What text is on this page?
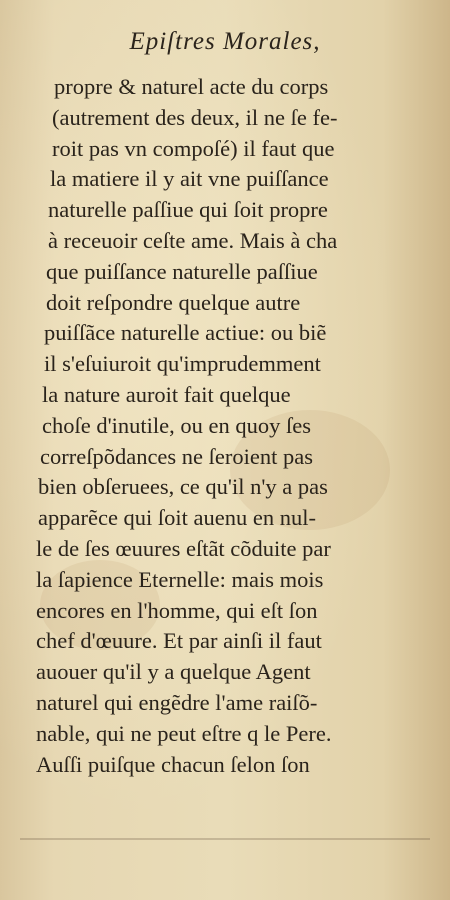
Epiſtres Morales,
propre & naturel acte du corps
(autrement des deux, il ne ſe fe-
roit pas vn compoſé) il faut que
la matiere il y ait vne puiſſance
naturelle paſſiue qui ſoit propre
à receuoir ceſte ame. Mais à cha
que puiſſance naturelle paſſiue
doit reſpondre quelque autre
puiſſãce naturelle actiue: ou biẽ
il s'eſuiuroit qu'imprudemment
la nature auroit fait quelque
choſe d'inutile, ou en quoy ſes
correſpõdances ne ſeroient pas
bien obſeruees, ce qu'il n'y a pas
apparẽce qui ſoit auenu en nul-
le de ſes œuures eſtãt cõduite par
la ſapience Eternelle: mais mois
encores en l'homme, qui eſt ſon
chef d'œuure. Et par ainſi il faut
auouer qu'il y a quelque Agent
naturel qui engẽdre l'ame raiſõ-
nable, qui ne peut eſtre q le Pere.
Auſſi puiſque chacun ſelon ſon
